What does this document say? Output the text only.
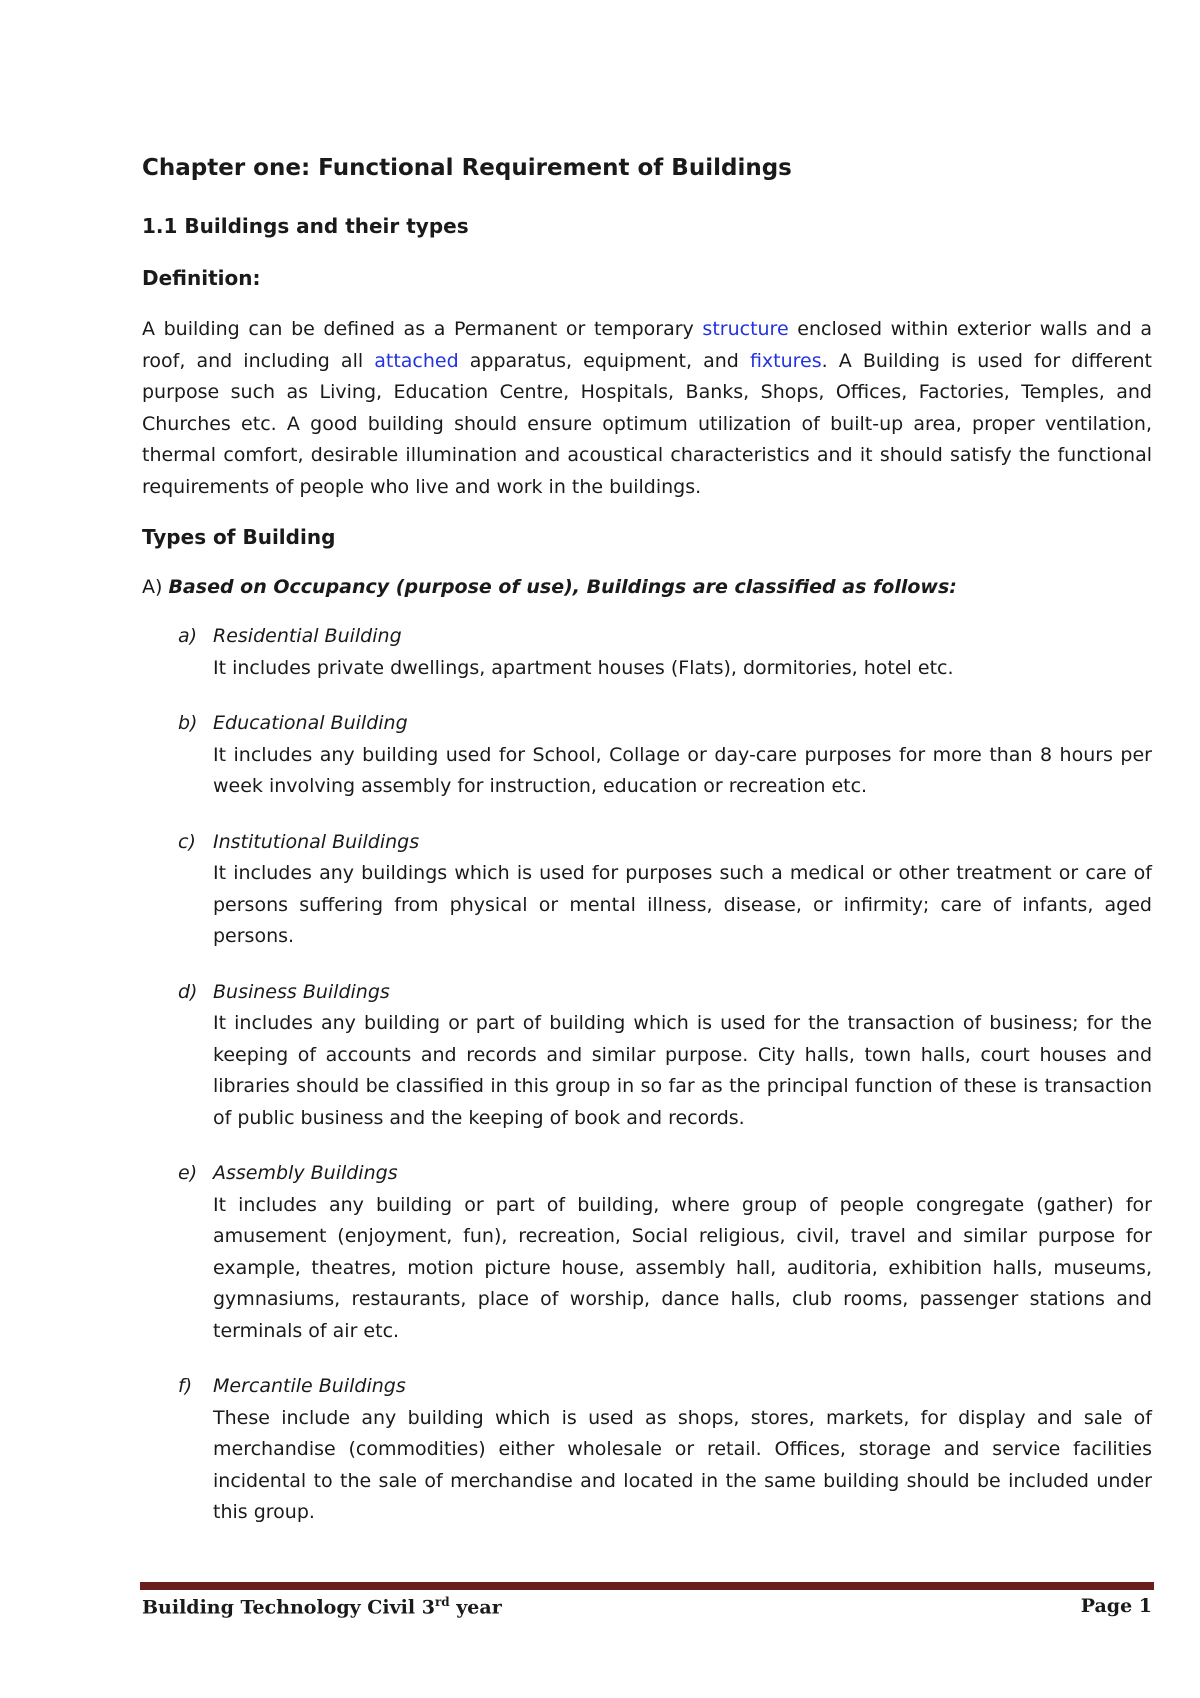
Chapter one: Functional Requirement of Buildings
1.1 Buildings and their types
Definition:

A building can be defined as a Permanent or temporary structure enclosed within exterior walls and a roof, and including all attached apparatus, equipment, and fixtures. A Building is used for different purpose such as Living, Education Centre, Hospitals, Banks, Shops, Offices, Factories, Temples, and Churches etc. A good building should ensure optimum utilization of built-up area, proper ventilation, thermal comfort, desirable illumination and acoustical characteristics and it should satisfy the functional requirements of people who live and work in the buildings.

Types of Building
A) Based on Occupancy (purpose of use), Buildings are classified as follows:
a) Residential Building
It includes private dwellings, apartment houses (Flats), dormitories, hotel etc.
b) Educational Building
It includes any building used for School, Collage or day-care purposes for more than 8 hours per week involving assembly for instruction, education or recreation etc.
c) Institutional Buildings
It includes any buildings which is used for purposes such a medical or other treatment or care of persons suffering from physical or mental illness, disease, or infirmity; care of infants, aged persons.
d) Business Buildings
It includes any building or part of building which is used for the transaction of business; for the keeping of accounts and records and similar purpose. City halls, town halls, court houses and libraries should be classified in this group in so far as the principal function of these is transaction of public business and the keeping of book and records.
e) Assembly Buildings
It includes any building or part of building, where group of people congregate (gather) for amusement (enjoyment, fun), recreation, Social religious, civil, travel and similar purpose for example, theatres, motion picture house, assembly hall, auditoria, exhibition halls, museums, gymnasiums, restaurants, place of worship, dance halls, club rooms, passenger stations and terminals of air etc.
f) Mercantile Buildings
These include any building which is used as shops, stores, markets, for display and sale of merchandise (commodities) either wholesale or retail. Offices, storage and service facilities incidental to the sale of merchandise and located in the same building should be included under this group.
Building Technology Civil 3rd year	Page 1
